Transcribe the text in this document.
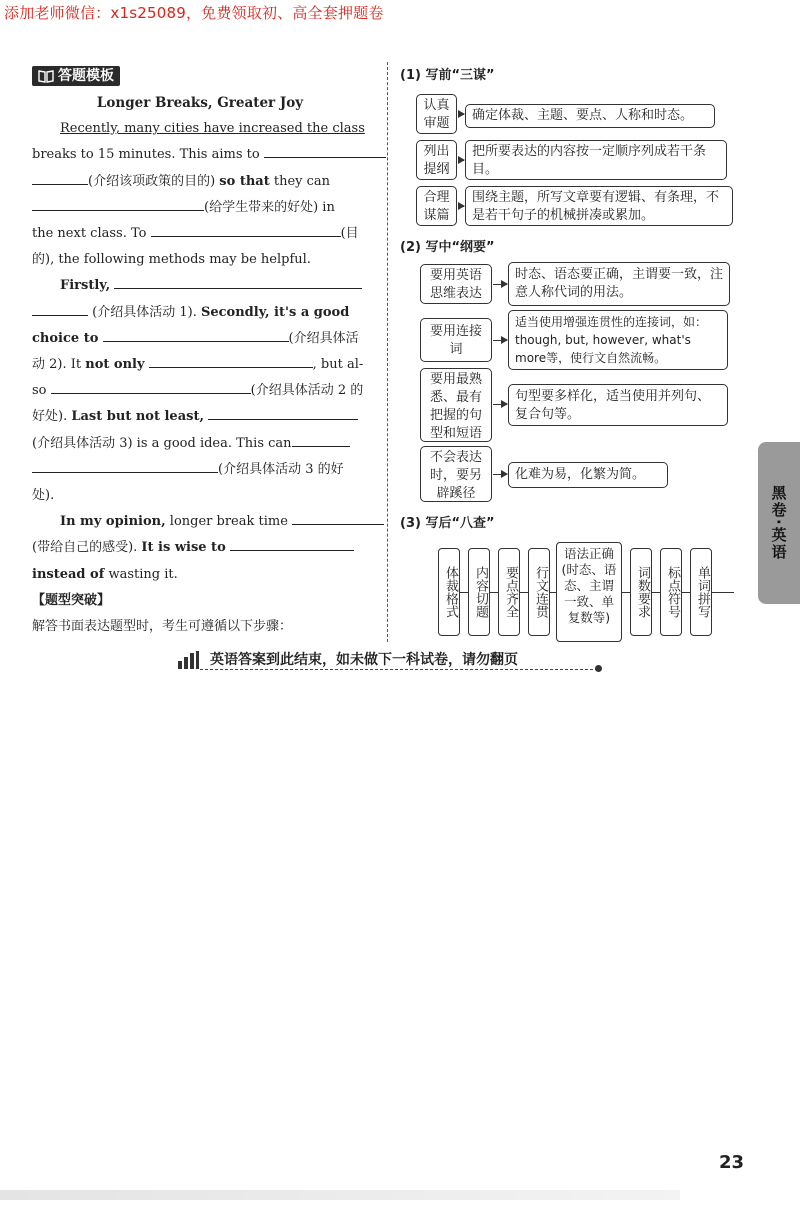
添加老师微信：x1s25089，免费领取初、高全套押题卷
答题模板
Longer Breaks, Greater Joy
Recently, many cities have increased the class
breaks to 15 minutes. This aims to
(介绍该项政策的目的) so that they can
(给学生带来的好处) in
the next class. To	(目
的), the following methods may be helpful.
Firstly,
(介绍具体活动 1). Secondly, it's a good
choice to	(介绍具体活
动 2). It not only	, but al-
so	(介绍具体活动 2 的
好处). Last but not least,
(介绍具体活动 3) is a good idea. This can
(介绍具体活动 3 的好
处).
In my opinion, longer break time
(带给自己的感受). It is wise to
instead of wasting it.
【题型突破】
解答书面表达题型时，考生可遵循以下步骤：
(1) 写前“三谋”
认真审题
确定体裁、主题、要点、人称和时态。
列出提纲
把所要表达的内容按一定顺序列成若干条目。
合理谋篇
围绕主题，所写文章要有逻辑、有条理，不是若干句子的机械拼凑或累加。
(2) 写中“纲要”
要用英语思维表达
时态、语态要正确，主谓要一致，注意人称代词的用法。
要用连接词
适当使用增强连贯性的连接词，如：though, but, however, what's more等，使行文自然流畅。
要用最熟悉、最有把握的句型和短语
句型要多样化，适当使用并列句、复合句等。
不会表达时，要另辟蹊径
化难为易，化繁为简。
(3) 写后“八查”
体裁格式	内容切题	要点齐全	行文连贯
语法正确(时态、语态、主谓一致、单复数等)	词数要求	标点符号	单词拼写
英语答案到此结束，如未做下一科试卷，请勿翻页
黑卷·英语
23
